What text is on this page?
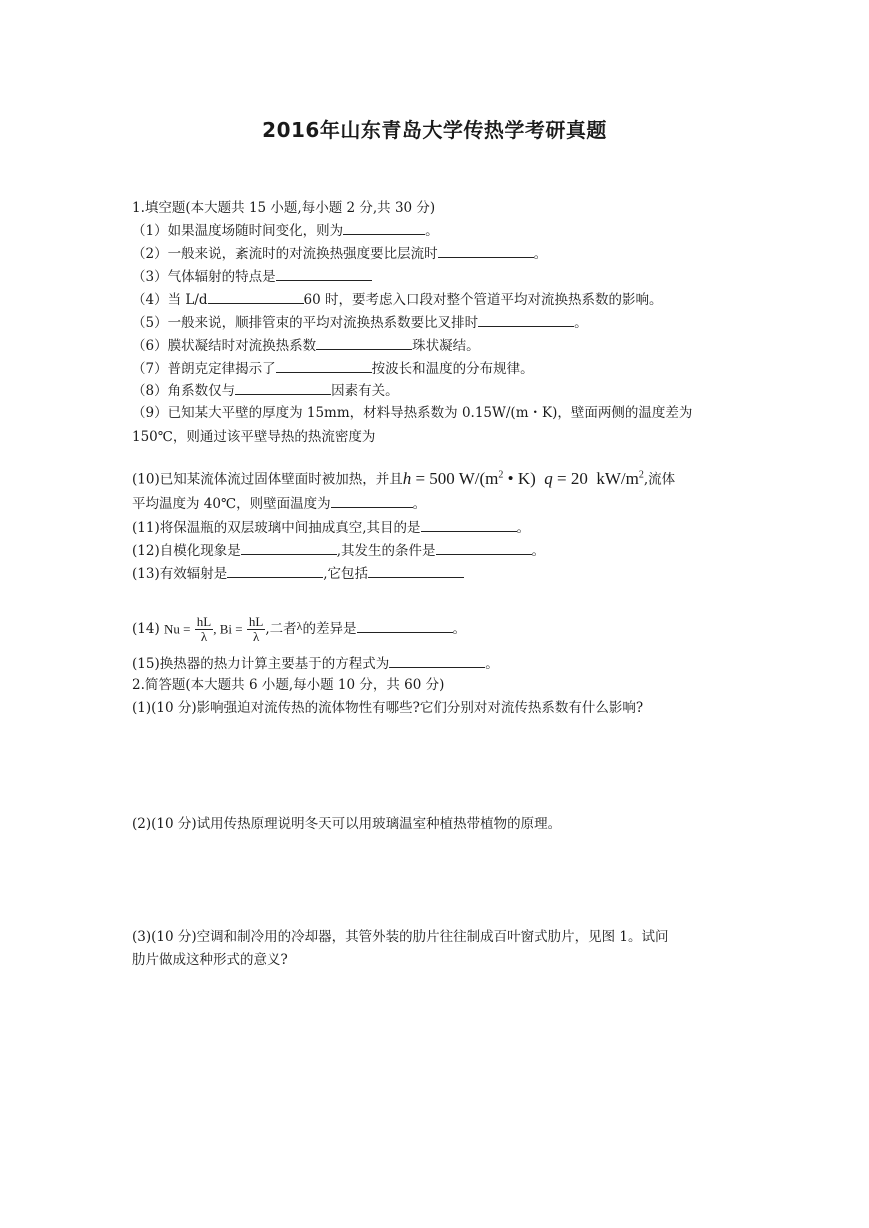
2016年山东青岛大学传热学考研真题
1.填空题(本大题共 15 小题,每小题 2 分,共 30 分)
（1）如果温度场随时间变化，则为	。
（2）一般来说，紊流时的对流换热强度要比层流时	。
（3）气体辐射的特点是
（4）当 L/d	60 时，要考虑入口段对整个管道平均对流换热系数的影响。
（5）一般来说，顺排管束的平均对流换热系数要比叉排时	。
（6）膜状凝结时对流换热系数	珠状凝结。
（7）普朗克定律揭示了	按波长和温度的分布规律。
（8）角系数仅与	因素有关。
（9）已知某大平壁的厚度为 15mm，材料导热系数为 0.15W/(m・K)，壁面两侧的温度差为
150℃，则通过该平壁导热的热流密度为
(10)已知某流体流过固体壁面时被加热，并且h = 500 $W/(m^2$ • K)  q = 20  $kW/m^2$,流体
平均温度为 40℃，则壁面温度为	。
(11)将保温瓶的双层玻璃中间抽成真空,其目的是	。
(12)自模化现象是	,其发生的条件是	。
(13)有效辐射是	,它包括
(14) $Nu = \frac{hL}{\lambda}$ , $Bi = \frac{hL}{\lambda}$ ,二者λ的差异是	。
(15)换热器的热力计算主要基于的方程式为	。
2.简答题(本大题共 6 小题,每小题 10 分，共 60 分)
(1)(10 分)影响强迫对流传热的流体物性有哪些?它们分别对对流传热系数有什么影响?
(2)(10 分)试用传热原理说明冬天可以用玻璃温室种植热带植物的原理。
(3)(10 分)空调和制冷用的冷却器，其管外装的肋片往往制成百叶窗式肋片，见图 1。试问
肋片做成这种形式的意义?
